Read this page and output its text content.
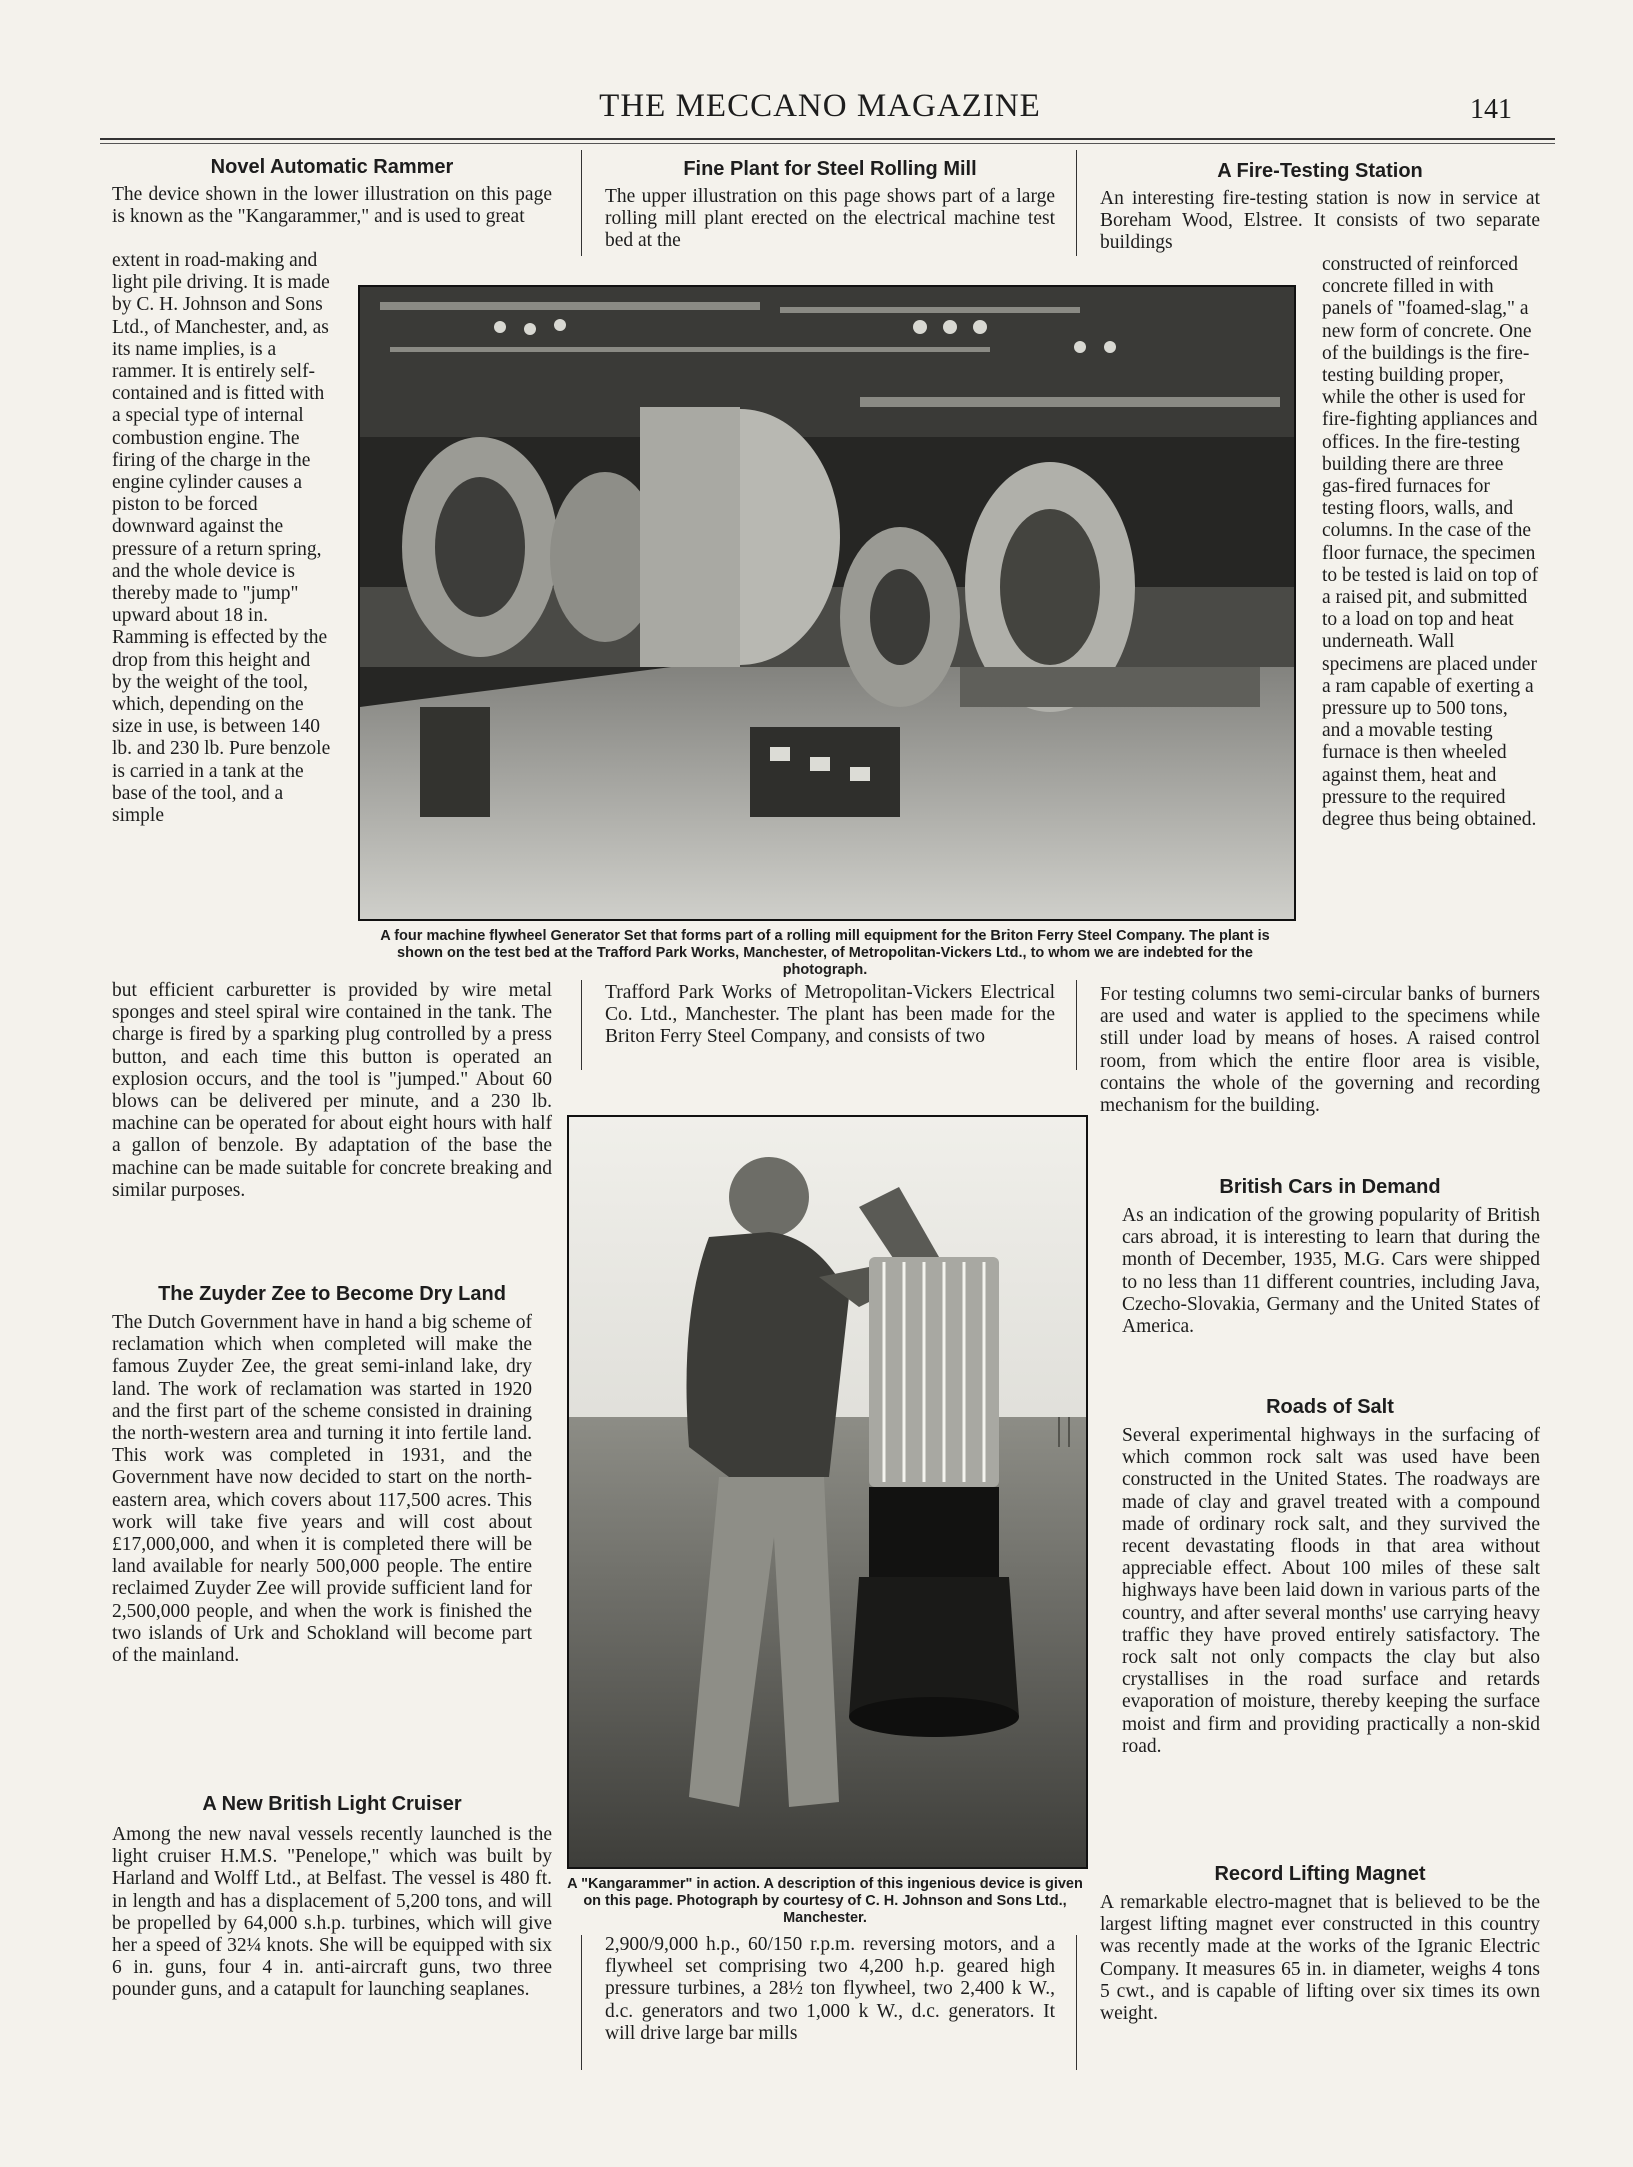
THE MECCANO MAGAZINE	141
Novel Automatic Rammer

The device shown in the lower illustration on this page is known as the "Kangarammer," and is used to great

extent in road-making and light pile driving. It is made by C. H. Johnson and Sons Ltd., of Manchester, and, as its name implies, is a rammer. It is entirely self-contained and is fitted with a special type of internal combustion engine. The firing of the charge in the engine cylinder causes a piston to be forced downward against the pressure of a return spring, and the whole device is thereby made to "jump" upward about 18 in. Ramming is effected by the drop from this height and by the weight of the tool, which, depending on the size in use, is between 140 lb. and 230 lb. Pure benzole is carried in a tank at the base of the tool, and a simple

but efficient carburetter is provided by wire metal sponges and steel spiral wire contained in the tank. The charge is fired by a sparking plug controlled by a press button, and each time this button is operated an explosion occurs, and the tool is "jumped." About 60 blows can be delivered per minute, and a 230 lb. machine can be operated for about eight hours with half a gallon of benzole. By adaptation of the base the machine can be made suitable for concrete breaking and similar purposes.

The Zuyder Zee to Become Dry Land

The Dutch Government have in hand a big scheme of reclamation which when completed will make the famous Zuyder Zee, the great semi-inland lake, dry land. The work of reclamation was started in 1920 and the first part of the scheme consisted in draining the north-western area and turning it into fertile land. This work was completed in 1931, and the Government have now decided to start on the north-eastern area, which covers about 117,500 acres. This work will take five years and will cost about £17,000,000, and when it is completed there will be land available for nearly 500,000 people. The entire reclaimed Zuyder Zee will provide sufficient land for 2,500,000 people, and when the work is finished the two islands of Urk and Schokland will become part of the mainland.

A New British Light Cruiser

Among the new naval vessels recently launched is the light cruiser H.M.S. "Penelope," which was built by Harland and Wolff Ltd., at Belfast. The vessel is 480 ft. in length and has a displacement of 5,200 tons, and will be propelled by 64,000 s.h.p. turbines, which will give her a speed of 32¼ knots. She will be equipped with six 6 in. guns, four 4 in. anti-aircraft guns, two three pounder guns, and a catapult for launching seaplanes.

Fine Plant for Steel Rolling Mill

The upper illustration on this page shows part of a large rolling mill plant erected on the electrical machine test bed at the

Trafford Park Works of Metropolitan-Vickers Electrical Co. Ltd., Manchester. The plant has been made for the Briton Ferry Steel Company, and consists of two

2,900/9,000 h.p., 60/150 r.p.m. reversing motors, and a flywheel set comprising two 4,200 h.p. geared high pressure turbines, a 28½ ton flywheel, two 2,400 k W., d.c. generators and two 1,000 k W., d.c. generators. It will drive large bar mills

A Fire-Testing Station

An interesting fire-testing station is now in service at Boreham Wood, Elstree. It consists of two separate buildings

constructed of reinforced concrete filled in with panels of "foamed-slag," a new form of concrete. One of the buildings is the fire-testing building proper, while the other is used for fire-fighting appliances and offices. In the fire-testing building there are three gas-fired furnaces for testing floors, walls, and columns. In the case of the floor furnace, the specimen to be tested is laid on top of a raised pit, and submitted to a load on top and heat underneath. Wall specimens are placed under a ram capable of exerting a pressure up to 500 tons, and a movable testing furnace is then wheeled against them, heat and pressure to the required degree thus being obtained.

For testing columns two semi-circular banks of burners are used and water is applied to the specimens while still under load by means of hoses. A raised control room, from which the entire floor area is visible, contains the whole of the governing and recording mechanism for the building.

British Cars in Demand

As an indication of the growing popularity of British cars abroad, it is interesting to learn that during the month of December, 1935, M.G. Cars were shipped to no less than 11 different countries, including Java, Czecho-Slovakia, Germany and the United States of America.

Roads of Salt

Several experimental highways in the surfacing of which common rock salt was used have been constructed in the United States. The roadways are made of clay and gravel treated with a compound made of ordinary rock salt, and they survived the recent devastating floods in that area without appreciable effect. About 100 miles of these salt highways have been laid down in various parts of the country, and after several months' use carrying heavy traffic they have proved entirely satisfactory. The rock salt not only compacts the clay but also crystallises in the road surface and retards evaporation of moisture, thereby keeping the surface moist and firm and providing practically a non-skid road.

Record Lifting Magnet

A remarkable electro-magnet that is believed to be the largest lifting magnet ever constructed in this country was recently made at the works of the Igranic Electric Company. It measures 65 in. in diameter, weighs 4 tons 5 cwt., and is capable of lifting over six times its own weight.

A four machine flywheel Generator Set that forms part of a rolling mill equipment for the Briton Ferry Steel Company. The plant is shown on the test bed at the Trafford Park Works, Manchester, of Metropolitan-Vickers Ltd., to whom we are indebted for the photograph.
A "Kangarammer" in action. A description of this ingenious device is given on this page. Photograph by courtesy of C. H. Johnson and Sons Ltd., Manchester.
